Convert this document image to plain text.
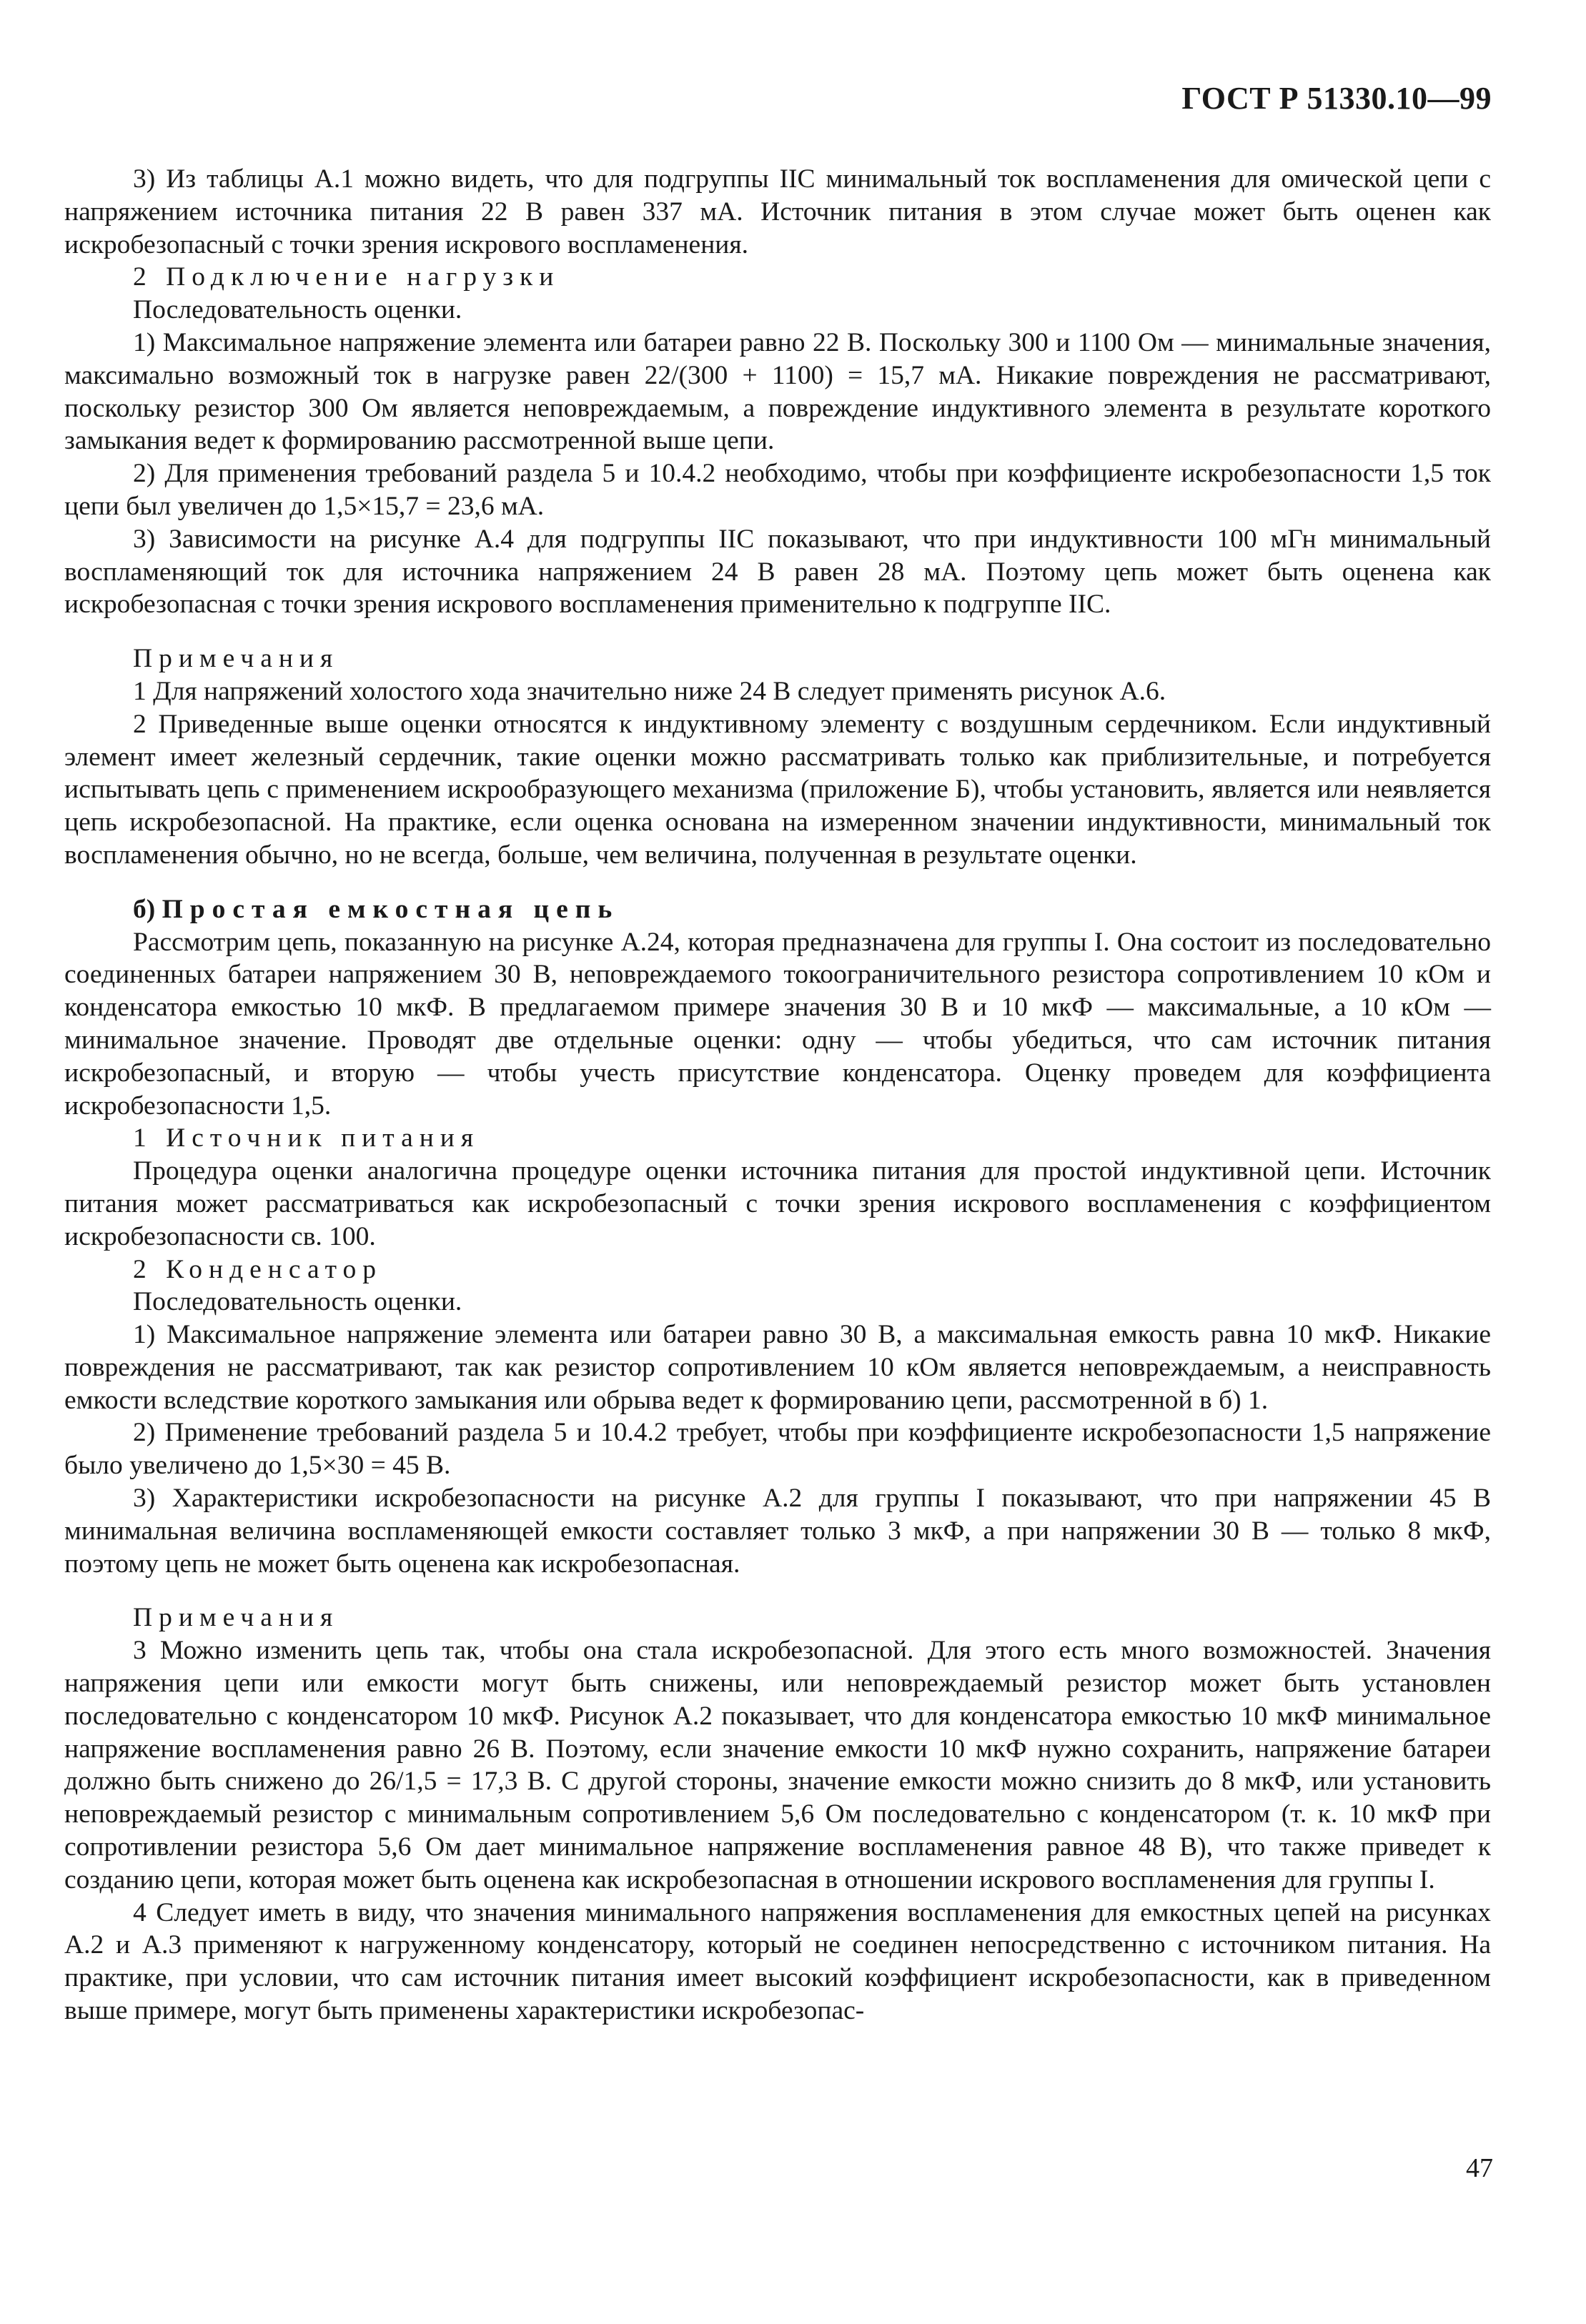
ГОСТ Р 51330.10—99

3) Из таблицы А.1 можно видеть, что для подгруппы IIC минимальный ток воспламенения для омической цепи с напряжением источника питания 22 В равен 337 мА. Источник питания в этом случае может быть оценен как искробезопасный с точки зрения искрового воспламенения.

2 Подключение нагрузки

Последовательность оценки.

1) Максимальное напряжение элемента или батареи равно 22 В. Поскольку 300 и 1100 Ом — минимальные значения, максимально возможный ток в нагрузке равен 22/(300 + 1100) = 15,7 мА. Никакие повреждения не рассматривают, поскольку резистор 300 Ом является неповреждаемым, а повреждение индуктивного элемента в результате короткого замыкания ведет к формированию рассмотренной выше цепи.

2) Для применения требований раздела 5 и 10.4.2 необходимо, чтобы при коэффициенте искробезопасности 1,5 ток цепи был увеличен до 1,5×15,7 = 23,6 мА.

3) Зависимости на рисунке А.4 для подгруппы IIC показывают, что при индуктивности 100 мГн минимальный воспламеняющий ток для источника напряжением 24 В равен 28 мА. Поэтому цепь может быть оценена как искробезопасная с точки зрения искрового воспламенения применительно к подгруппе IIC.

Примечания

1 Для напряжений холостого хода значительно ниже 24 В следует применять рисунок А.6.

2 Приведенные выше оценки относятся к индуктивному элементу с воздушным сердечником. Если индуктивный элемент имеет железный сердечник, такие оценки можно рассматривать только как приблизительные, и потребуется испытывать цепь с применением искрообразующего механизма (приложение Б), чтобы установить, является или неявляется цепь искробезопасной. На практике, если оценка основана на измеренном значении индуктивности, минимальный ток воспламенения обычно, но не всегда, больше, чем величина, полученная в результате оценки.

б) Простая емкостная цепь

Рассмотрим цепь, показанную на рисунке А.24, которая предназначена для группы I. Она состоит из последовательно соединенных батареи напряжением 30 В, неповреждаемого токоограничительного резистора сопротивлением 10 кОм и конденсатора емкостью 10 мкФ. В предлагаемом примере значения 30 В и 10 мкФ — максимальные, а 10 кОм — минимальное значение. Проводят две отдельные оценки: одну — чтобы убедиться, что сам источник питания искробезопасный, и вторую — чтобы учесть присутствие конденсатора. Оценку проведем для коэффициента искробезопасности 1,5.

1 Источник питания

Процедура оценки аналогична процедуре оценки источника питания для простой индуктивной цепи. Источник питания может рассматриваться как искробезопасный с точки зрения искрового воспламенения с коэффициентом искробезопасности св. 100.

2 Конденсатор

Последовательность оценки.

1) Максимальное напряжение элемента или батареи равно 30 В, а максимальная емкость равна 10 мкФ. Никакие повреждения не рассматривают, так как резистор сопротивлением 10 кОм является неповреждаемым, а неисправность емкости вследствие короткого замыкания или обрыва ведет к формированию цепи, рассмотренной в б) 1.

2) Применение требований раздела 5 и 10.4.2 требует, чтобы при коэффициенте искробезопасности 1,5 напряжение было увеличено до 1,5×30 = 45 В.

3) Характеристики искробезопасности на рисунке А.2 для группы I показывают, что при напряжении 45 В минимальная величина воспламеняющей емкости составляет только 3 мкФ, а при напряжении 30 В — только 8 мкФ, поэтому цепь не может быть оценена как искробезопасная.

Примечания

3 Можно изменить цепь так, чтобы она стала искробезопасной. Для этого есть много возможностей. Значения напряжения цепи или емкости могут быть снижены, или неповреждаемый резистор может быть установлен последовательно с конденсатором 10 мкФ. Рисунок А.2 показывает, что для конденсатора емкостью 10 мкФ минимальное напряжение воспламенения равно 26 В. Поэтому, если значение емкости 10 мкФ нужно сохранить, напряжение батареи должно быть снижено до 26/1,5 = 17,3 В. С другой стороны, значение емкости можно снизить до 8 мкФ, или установить неповреждаемый резистор с минимальным сопротивлением 5,6 Ом последовательно с конденсатором (т. к. 10 мкФ при сопротивлении резистора 5,6 Ом дает минимальное напряжение воспламенения равное 48 В), что также приведет к созданию цепи, которая может быть оценена как искробезопасная в отношении искрового воспламенения для группы I.

4 Следует иметь в виду, что значения минимального напряжения воспламенения для емкостных цепей на рисунках А.2 и А.3 применяют к нагруженному конденсатору, который не соединен непосредственно с источником питания. На практике, при условии, что сам источник питания имеет высокий коэффициент искробезопасности, как в приведенном выше примере, могут быть применены характеристики искробезопас-

47
